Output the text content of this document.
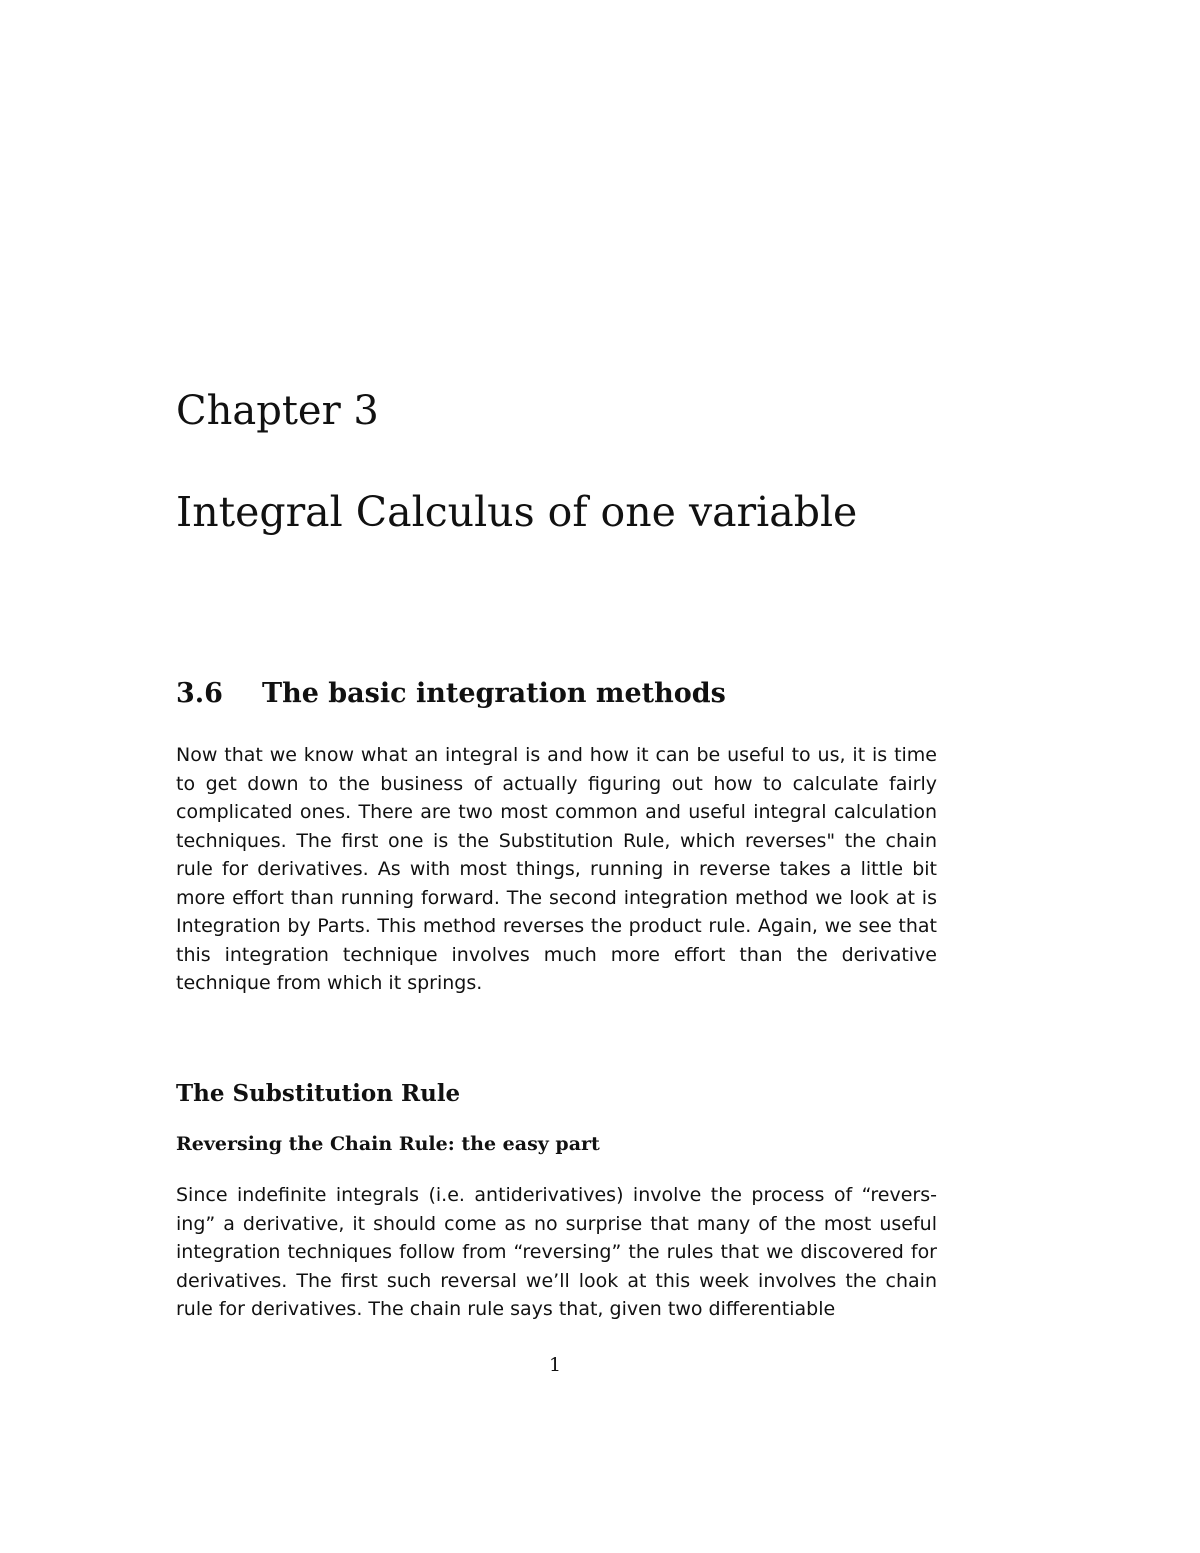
Chapter 3
Integral Calculus of one variable
3.6 The basic integration methods

Now that we know what an integral is and how it can be useful to us, it is time to get down to the business of actually figuring out how to calculate fairly complicated ones. There are two most common and useful integral calculation techniques. The first one is the Substitution Rule, which reverses" the chain rule for derivatives. As with most things, running in reverse takes a little bit more effort than running forward. The second integration method we look at is Integration by Parts. This method reverses the product rule. Again, we see that this integration technique involves much more effort than the derivative technique from which it springs.

The Substitution Rule
Reversing the Chain Rule: the easy part

Since indefinite integrals (i.e. antiderivatives) involve the process of “revers-ing” a derivative, it should come as no surprise that many of the most useful integration techniques follow from “reversing” the rules that we discovered for derivatives. The first such reversal we’ll look at this week involves the chain rule for derivatives. The chain rule says that, given two differentiable

1
